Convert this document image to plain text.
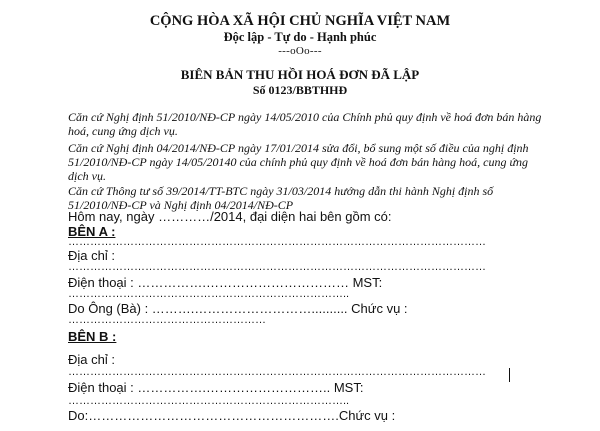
CỘNG HÒA XÃ HỘI CHỦ NGHĨA VIỆT NAM
Độc lập - Tự do - Hạnh phúc
---oOo---
BIÊN BẢN THU HỒI HOÁ ĐƠN ĐÃ LẬP
Số 0123/BBTHHĐ
Căn cứ Nghị định 51/2010/NĐ-CP ngày 14/05/2010 của Chính phủ quy định về hoá đơn bán hàng
hoá, cung ứng dịch vụ.
Căn cứ Nghị định 04/2014/NĐ-CP ngày 17/01/2014 sửa đổi, bổ sung một số điều của nghị định
51/2010/NĐ-CP ngày 14/05/20140 của chính phủ quy định về hoá đơn bán hàng hoá, cung ứng
dịch vụ.
Căn cứ Thông tư số 39/2014/TT-BTC ngày 31/03/2014 hướng dẫn thi hành Nghị định số
51/2010/NĐ-CP và Nghị định 04/2014/NĐ-CP
Hôm nay, ngày …………/2014, đại diện hai bên gồm có:
BÊN A :
……………………………………………………………………………………………………
Địa chỉ :
……………………………………………………………………………………………………
Điện thoại : …………….…………………………… MST:
…………………………………………………………………..
Do Ông (Bà) : ……….……………………….......... Chức vụ :
………………………………………………
BÊN B :
Địa chỉ :
……………………………………………………………………………………………………
Điện thoại : …………….……………………….. MST:
…………………………………………………………………..
Do:………………………………………………….Chức vụ :
